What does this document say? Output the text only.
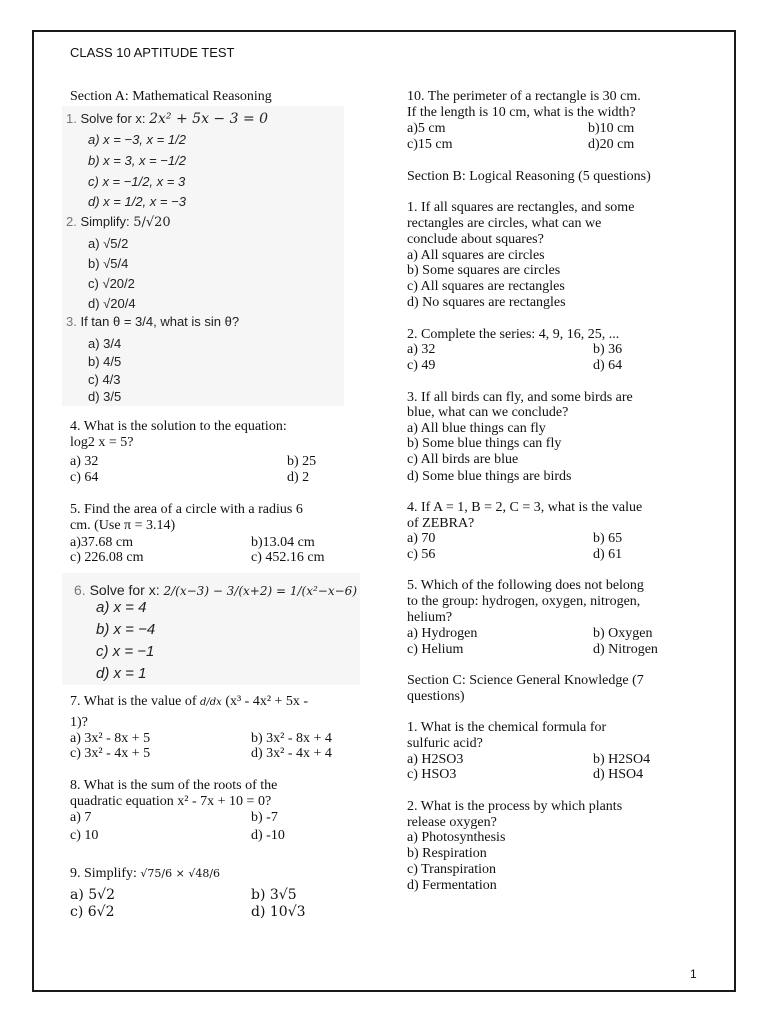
CLASS 10 APTITUDE TEST
Section A: Mathematical Reasoning
1. Solve for x: 2x² + 5x − 3 = 0
a) x = −3, x = 1/2
b) x = 3, x = −1/2
c) x = −1/2, x = 3
d) x = 1/2, x = −3
2. Simplify: 5/√20
a) √5/2
b) √5/4
c) √20/2
d) √20/4
3. If tan θ = 3/4, what is sin θ?
a) 3/4
b) 4/5
c) 4/3
d) 3/5
4. What is the solution to the equation:
log2 x = 5?
a) 32	b) 25
c) 64	d) 2
5. Find the area of a circle with a radius 6
cm. (Use π = 3.14)
a)37.68 cm	b)13.04 cm
c) 226.08 cm	c) 452.16 cm
6. Solve for x: 2/(x−3) − 3/(x+2) = 1/(x²−x−6)
a) x = 4
b) x = −4
c) x = −1
d) x = 1
7. What is the value of d/dx (x³ - 4x² + 5x -
1)?
a) 3x² - 8x + 5	b) 3x² - 8x + 4
c) 3x² - 4x + 5	d) 3x² - 4x + 4
8. What is the sum of the roots of the
quadratic equation x² - 7x + 10 = 0?
a) 7	b) -7
c) 10	d) -10
9. Simplify: √75/6 × √48/6
a) 5√2	b) 3√5
c) 6√2	d) 10√3
10. The perimeter of a rectangle is 30 cm.
If the length is 10 cm, what is the width?
a)5 cm	b)10 cm
c)15 cm	d)20 cm
Section B: Logical Reasoning (5 questions)
1. If all squares are rectangles, and some
rectangles are circles, what can we
conclude about squares?
a) All squares are circles
b) Some squares are circles
c) All squares are rectangles
d) No squares are rectangles
2. Complete the series: 4, 9, 16, 25, ...
a) 32	b) 36
c) 49	d) 64
3. If all birds can fly, and some birds are
blue, what can we conclude?
a) All blue things can fly
b) Some blue things can fly
c) All birds are blue
d) Some blue things are birds
4. If A = 1, B = 2, C = 3, what is the value
of ZEBRA?
a) 70	b) 65
c) 56	d) 61
5. Which of the following does not belong
to the group: hydrogen, oxygen, nitrogen,
helium?
a) Hydrogen	b) Oxygen
c) Helium	d) Nitrogen
Section C: Science General Knowledge (7
questions)
1. What is the chemical formula for
sulfuric acid?
a) H2SO3	b) H2SO4
c) HSO3	d) HSO4
2. What is the process by which plants
release oxygen?
a) Photosynthesis
b) Respiration
c) Transpiration
d) Fermentation
1
